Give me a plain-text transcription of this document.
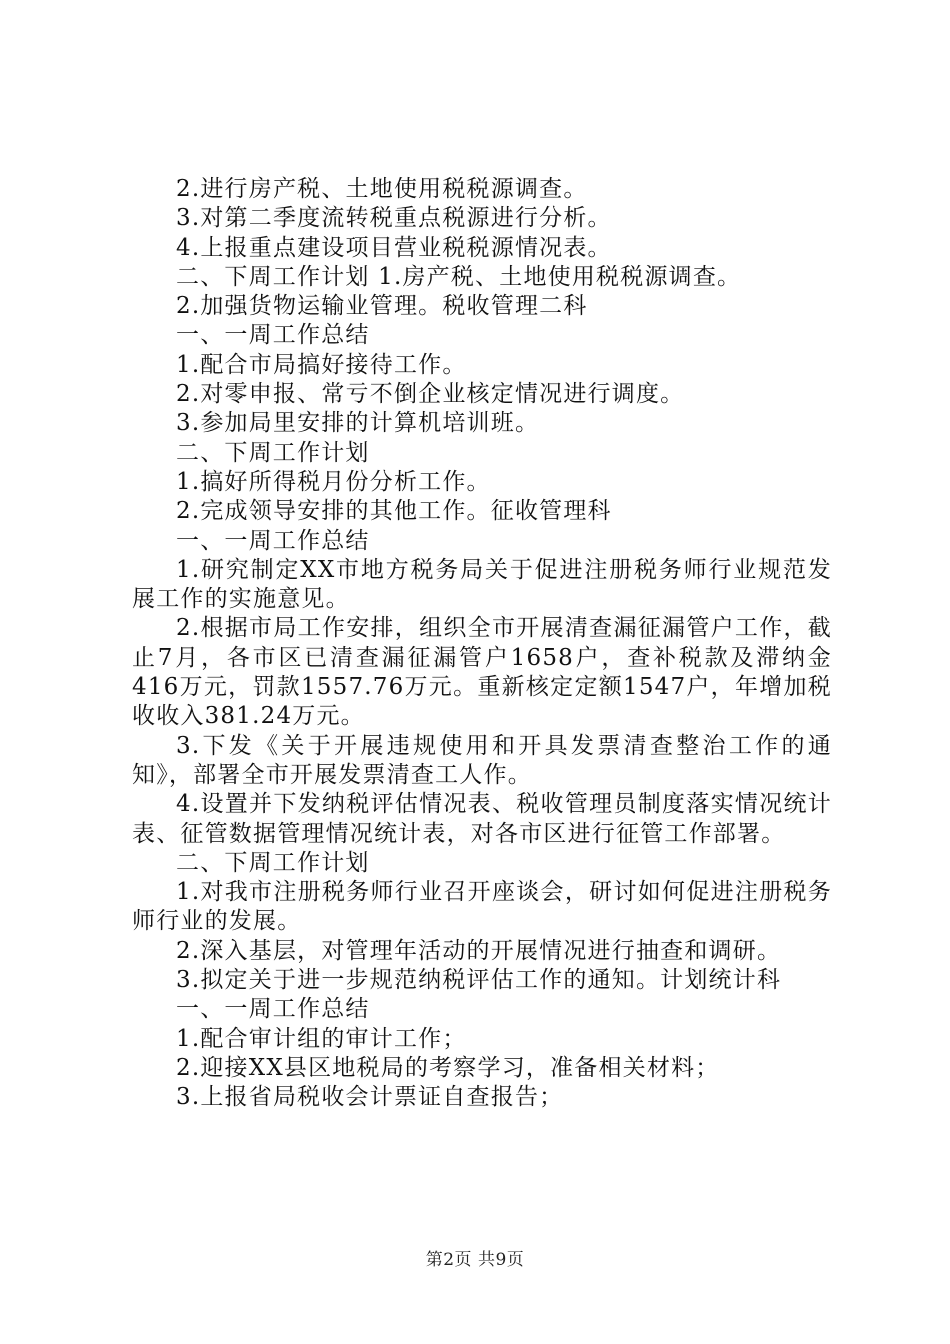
2.进行房产税、土地使用税税源调查。

3.对第二季度流转税重点税源进行分析。

4.上报重点建设项目营业税税源情况表。

二、下周工作计划 1.房产税、土地使用税税源调查。

2.加强货物运输业管理。税收管理二科

一、一周工作总结

1.配合市局搞好接待工作。

2.对零申报、常亏不倒企业核定情况进行调度。

3.参加局里安排的计算机培训班。

二、下周工作计划

1.搞好所得税月份分析工作。

2.完成领导安排的其他工作。征收管理科

一、一周工作总结

1.研究制定XX市地方税务局关于促进注册税务师行业规范发展工作的实施意见。

2.根据市局工作安排，组织全市开展清查漏征漏管户工作，截止7月，各市区已清查漏征漏管户1658户，查补税款及滞纳金416万元，罚款1557.76万元。重新核定定额1547户，年增加税收收入381.24万元。

3.下发《关于开展违规使用和开具发票清查整治工作的通知》，部署全市开展发票清查工人作。

4.设置并下发纳税评估情况表、税收管理员制度落实情况统计表、征管数据管理情况统计表，对各市区进行征管工作部署。

二、下周工作计划

1.对我市注册税务师行业召开座谈会，研讨如何促进注册税务师行业的发展。

2.深入基层，对管理年活动的开展情况进行抽查和调研。

3.拟定关于进一步规范纳税评估工作的通知。计划统计科

一、一周工作总结

1.配合审计组的审计工作；

2.迎接XX县区地税局的考察学习，准备相关材料；

3.上报省局税收会计票证自查报告；

第2页 共9页
